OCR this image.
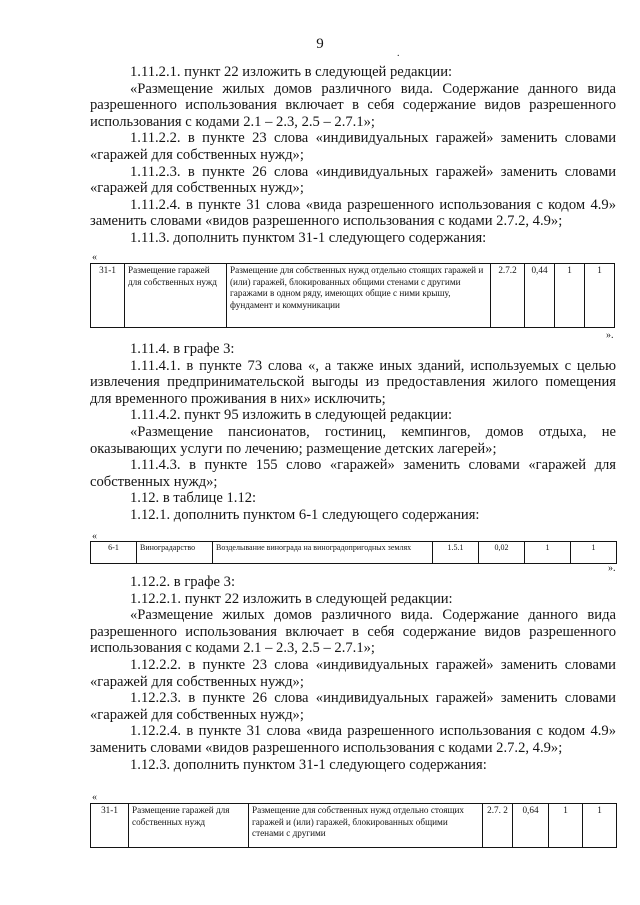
9
.

1.11.2.1. пункт 22 изложить в следующей редакции:

«Размещение жилых домов различного вида. Содержание данного вида разрешенного использования включает в себя содержание видов разрешенного использования с кодами 2.1 – 2.3, 2.5 – 2.7.1»;

1.11.2.2. в пункте 23 слова «индивидуальных гаражей» заменить словами «гаражей для собственных нужд»;

1.11.2.3. в пункте 26 слова «индивидуальных гаражей» заменить словами «гаражей для собственных нужд»;

1.11.2.4. в пункте 31 слова «вида разрешенного использования с кодом 4.9» заменить словами «видов разрешенного использования с кодами 2.7.2, 4.9»;

1.11.3. дополнить пунктом 31-1 следующего содержания:

«
31-1	Размещение гаражей для собственных нужд	Размещение для собственных нужд отдельно стоящих гаражей и (или) гаражей, блокированных общими стенами с другими гаражами в одном ряду, имеющих общие с ними крышу, фундамент и коммуникации	2.7.2	0,44	1	1
».

1.11.4. в графе 3:

1.11.4.1. в пункте 73 слова «, а также иных зданий, используемых с целью извлечения предпринимательской выгоды из предоставления жилого помещения для временного проживания в них» исключить;

1.11.4.2. пункт 95 изложить в следующей редакции:

«Размещение пансионатов, гостиниц, кемпингов, домов отдыха, не оказывающих услуги по лечению; размещение детских лагерей»;

1.11.4.3. в пункте 155 слово «гаражей» заменить словами «гаражей для собственных нужд»;

1.12. в таблице 1.12:

1.12.1. дополнить пунктом 6-1 следующего содержания:

«
6-1	Виноградарство	Возделывание винограда на виноградопригодных землях	1.5.1	0,02	1	1
».

1.12.2. в графе 3:

1.12.2.1. пункт 22 изложить в следующей редакции:

«Размещение жилых домов различного вида. Содержание данного вида разрешенного использования включает в себя содержание видов разрешенного использования с кодами 2.1 – 2.3, 2.5 – 2.7.1»;

1.12.2.2. в пункте 23 слова «индивидуальных гаражей» заменить словами «гаражей для собственных нужд»;

1.12.2.3. в пункте 26 слова «индивидуальных гаражей» заменить словами «гаражей для собственных нужд»;

1.12.2.4. в пункте 31 слова «вида разрешенного использования с кодом 4.9» заменить словами «видов разрешенного использования с кодами 2.7.2, 4.9»;

1.12.3. дополнить пунктом 31-1 следующего содержания:

«
31-1	Размещение гаражей для собственных нужд	Размещение для собственных нужд отдельно стоящих гаражей и (или) гаражей, блокированных общими стенами с другими	2.7. 2	0,64	1	1
